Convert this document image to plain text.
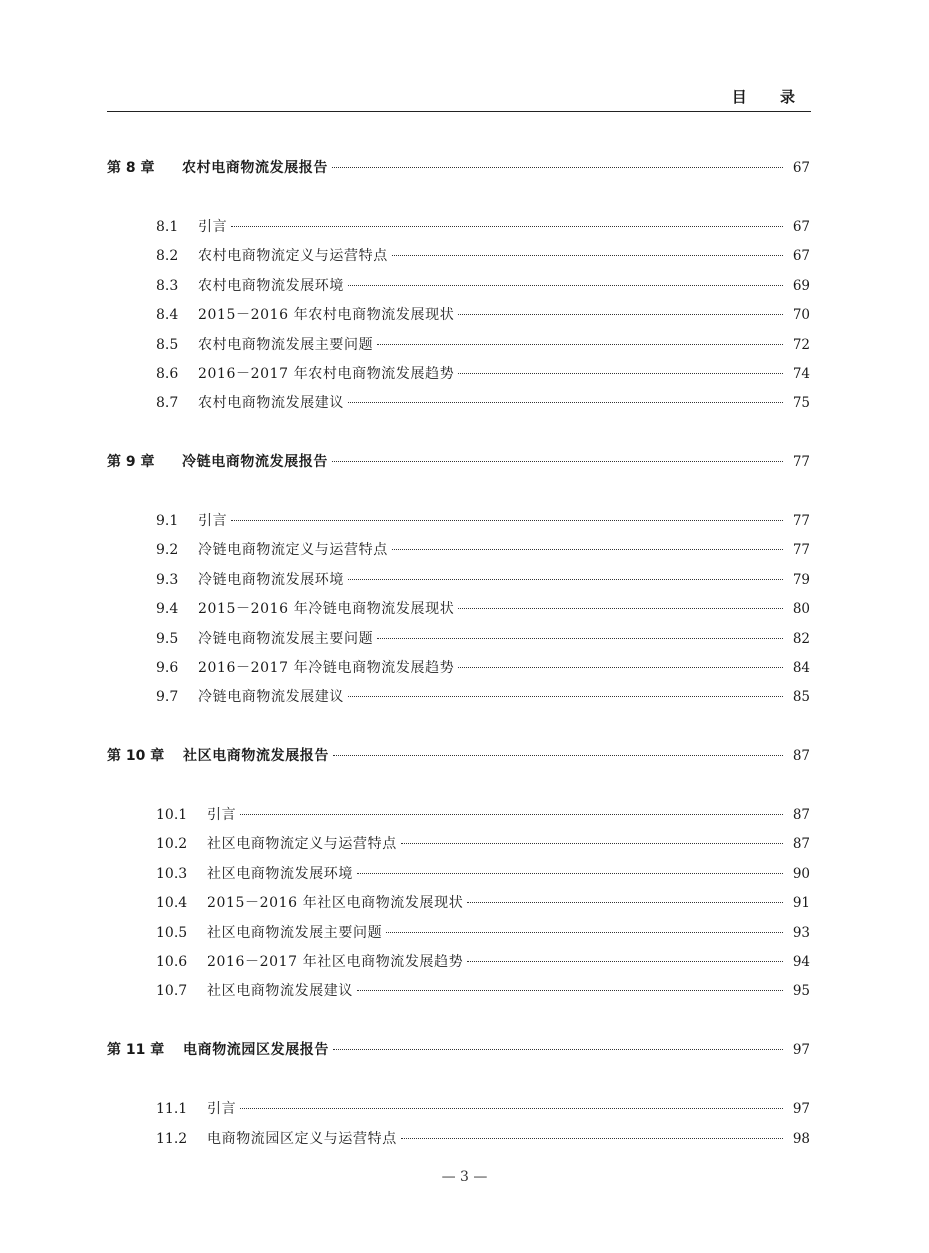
目 录
第 8 章	农村电商物流发展报告	67
8.1	引言	67
8.2	农村电商物流定义与运营特点	67
8.3	农村电商物流发展环境	69
8.4	2015－2016 年农村电商物流发展现状	70
8.5	农村电商物流发展主要问题	72
8.6	2016－2017 年农村电商物流发展趋势	74
8.7	农村电商物流发展建议	75
第 9 章	冷链电商物流发展报告	77
9.1	引言	77
9.2	冷链电商物流定义与运营特点	77
9.3	冷链电商物流发展环境	79
9.4	2015－2016 年冷链电商物流发展现状	80
9.5	冷链电商物流发展主要问题	82
9.6	2016－2017 年冷链电商物流发展趋势	84
9.7	冷链电商物流发展建议	85
第 10 章	社区电商物流发展报告	87
10.1	引言	87
10.2	社区电商物流定义与运营特点	87
10.3	社区电商物流发展环境	90
10.4	2015－2016 年社区电商物流发展现状	91
10.5	社区电商物流发展主要问题	93
10.6	2016－2017 年社区电商物流发展趋势	94
10.7	社区电商物流发展建议	95
第 11 章	电商物流园区发展报告	97
11.1	引言	97
11.2	电商物流园区定义与运营特点	98
— 3 —
